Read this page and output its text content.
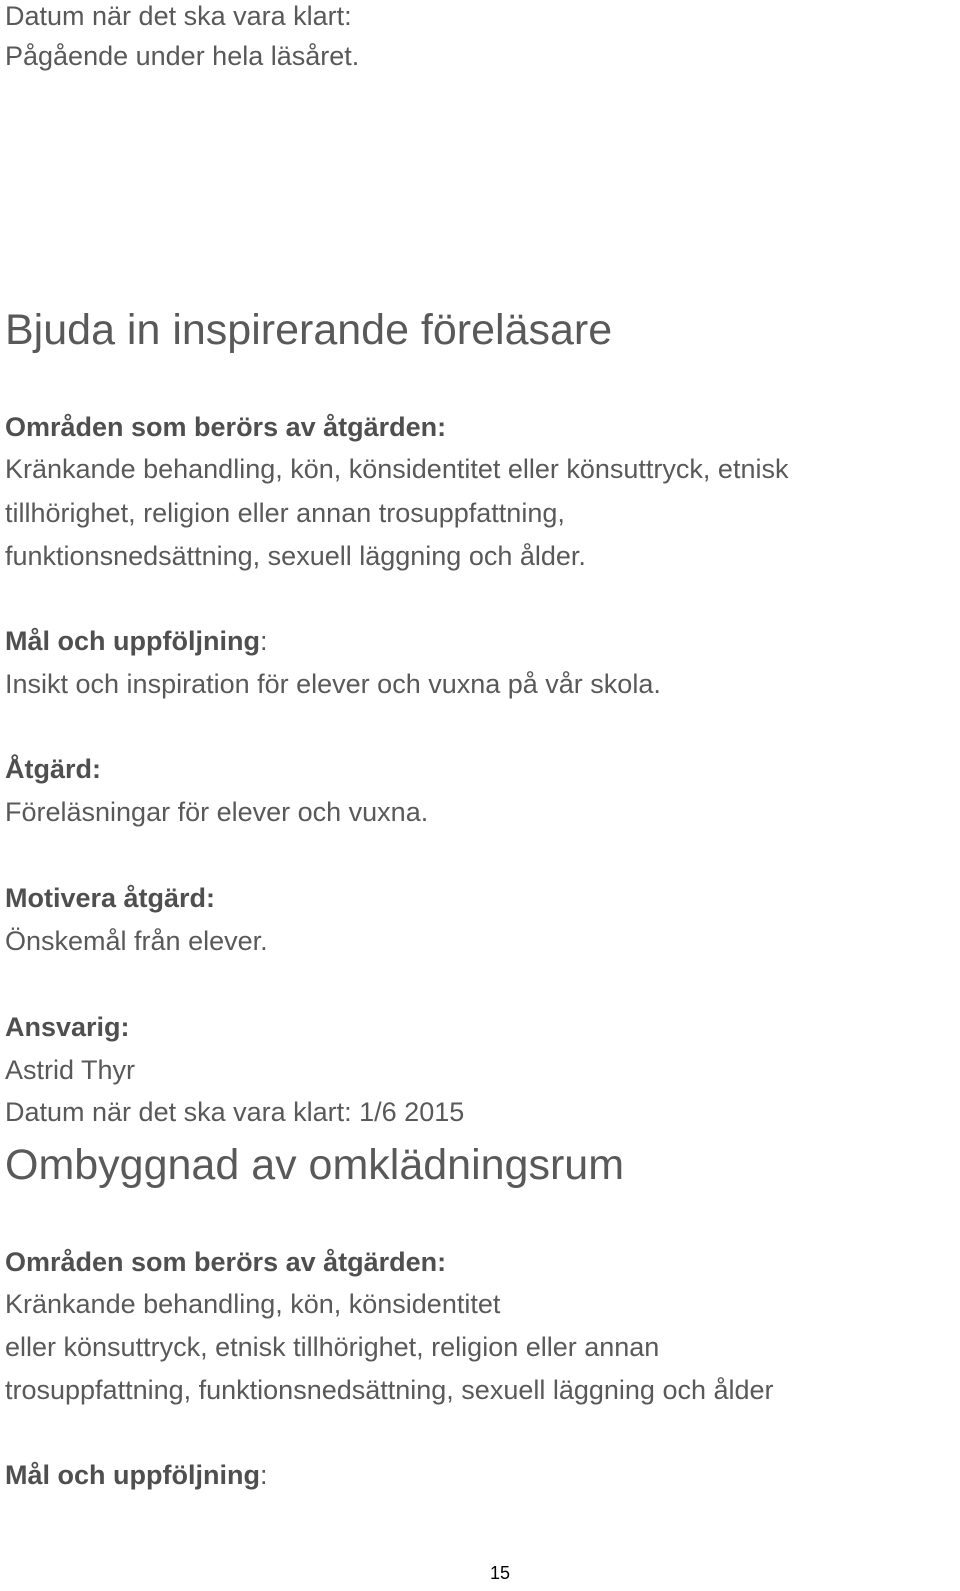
Datum när det ska vara klart:

Pågående under hela läsåret.

Bjuda in inspirerande föreläsare

Områden som berörs av åtgärden:

Kränkande behandling, kön, könsidentitet eller könsuttryck, etnisk

tillhörighet, religion eller annan trosuppfattning,

funktionsnedsättning, sexuell läggning och ålder.

Mål och uppföljning:

Insikt och inspiration för elever och vuxna på vår skola.

Åtgärd:

Föreläsningar för elever och vuxna.

Motivera åtgärd:

Önskemål från elever.

Ansvarig:

Astrid Thyr

Datum när det ska vara klart: 1/6 2015

Ombyggnad av omklädningsrum

Områden som berörs av åtgärden:

Kränkande behandling, kön, könsidentitet

eller könsuttryck, etnisk tillhörighet, religion eller annan

trosuppfattning, funktionsnedsättning, sexuell läggning och ålder

Mål och uppföljning:

15
